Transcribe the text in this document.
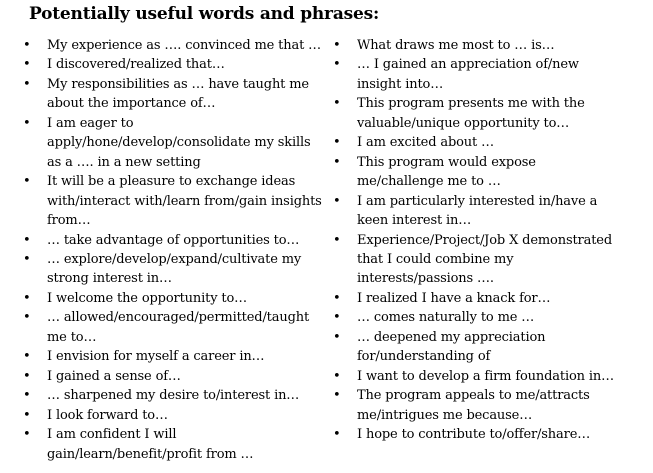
Potentially useful words and phrases:
• My experience as …. convinced me that …
• I discovered/realized that…
• My responsibilities as … have taught me
about the importance of…
• I am eager to
apply/hone/develop/consolidate my skills
as a …. in a new setting
• It will be a pleasure to exchange ideas
with/interact with/learn from/gain insights
from…
• … take advantage of opportunities to…
• … explore/develop/expand/cultivate my
strong interest in…
• I welcome the opportunity to…
• … allowed/encouraged/permitted/taught
me to…
• I envision for myself a career in…
• I gained a sense of…
• … sharpened my desire to/interest in…
• I look forward to…
• I am confident I will
gain/learn/benefit/profit from …
• What draws me most to … is…
• … I gained an appreciation of/new
insight into…
• This program presents me with the
valuable/unique opportunity to…
• I am excited about …
• This program would expose
me/challenge me to …
• I am particularly interested in/have a
keen interest in…
• Experience/Project/Job X demonstrated
that I could combine my
interests/passions ….
• I realized I have a knack for…
• … comes naturally to me …
• … deepened my appreciation
for/understanding of
• I want to develop a firm foundation in…
• The program appeals to me/attracts
me/intrigues me because…
• I hope to contribute to/offer/share…
